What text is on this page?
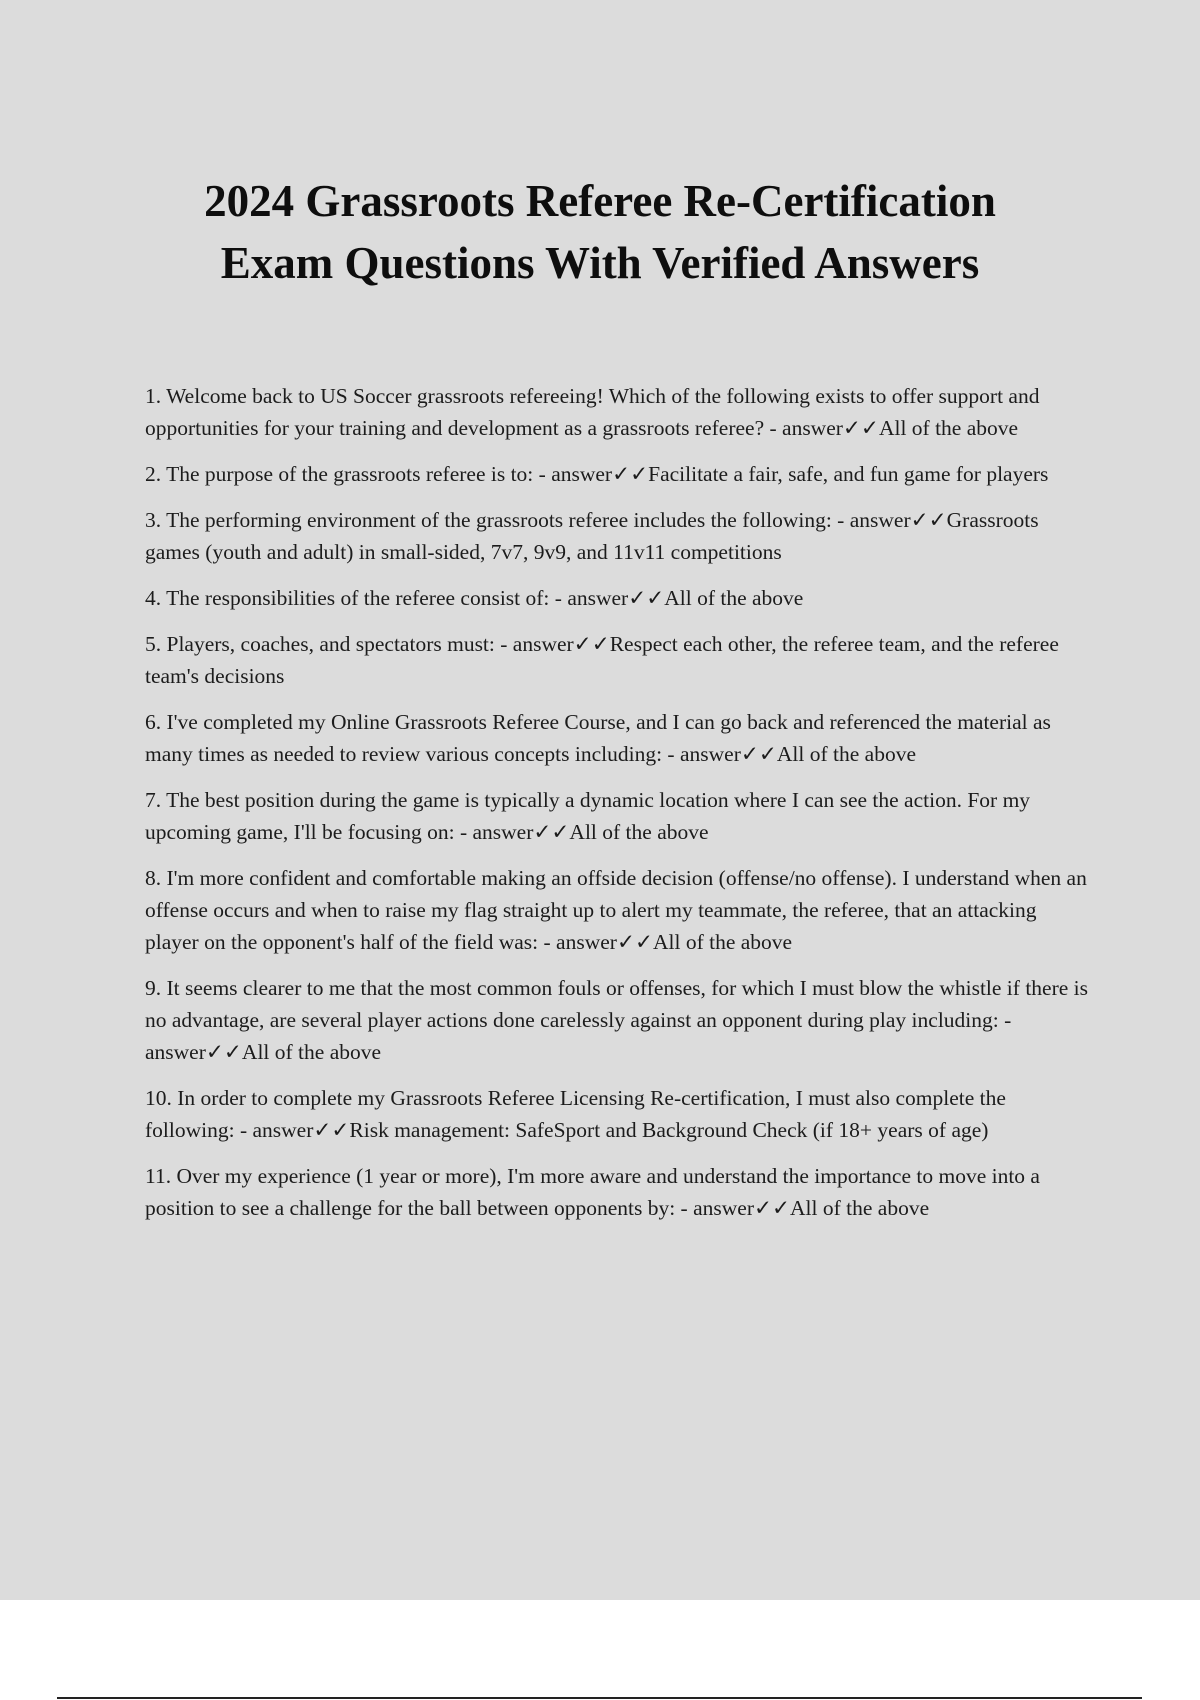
2024 Grassroots Referee Re-Certification
Exam Questions With Verified Answers
1. Welcome back to US Soccer grassroots refereeing! Which of the following exists to offer support and opportunities for your training and development as a grassroots referee? - answer✓✓All of the above
2. The purpose of the grassroots referee is to: - answer✓✓Facilitate a fair, safe, and fun game for players
3. The performing environment of the grassroots referee includes the following: - answer✓✓Grassroots games (youth and adult) in small-sided, 7v7, 9v9, and 11v11 competitions
4. The responsibilities of the referee consist of: - answer✓✓All of the above
5. Players, coaches, and spectators must: - answer✓✓Respect each other, the referee team, and the referee team's decisions
6. I've completed my Online Grassroots Referee Course, and I can go back and referenced the material as many times as needed to review various concepts including: - answer✓✓All of the above
7. The best position during the game is typically a dynamic location where I can see the action. For my upcoming game, I'll be focusing on: - answer✓✓All of the above
8. I'm more confident and comfortable making an offside decision (offense/no offense). I understand when an offense occurs and when to raise my flag straight up to alert my teammate, the referee, that an attacking player on the opponent's half of the field was: - answer✓✓All of the above
9. It seems clearer to me that the most common fouls or offenses, for which I must blow the whistle if there is no advantage, are several player actions done carelessly against an opponent during play including: - answer✓✓All of the above
10. In order to complete my Grassroots Referee Licensing Re-certification, I must also complete the following: - answer✓✓Risk management: SafeSport and Background Check (if 18+ years of age)
11. Over my experience (1 year or more), I'm more aware and understand the importance to move into a position to see a challenge for the ball between opponents by: - answer✓✓All of the above
